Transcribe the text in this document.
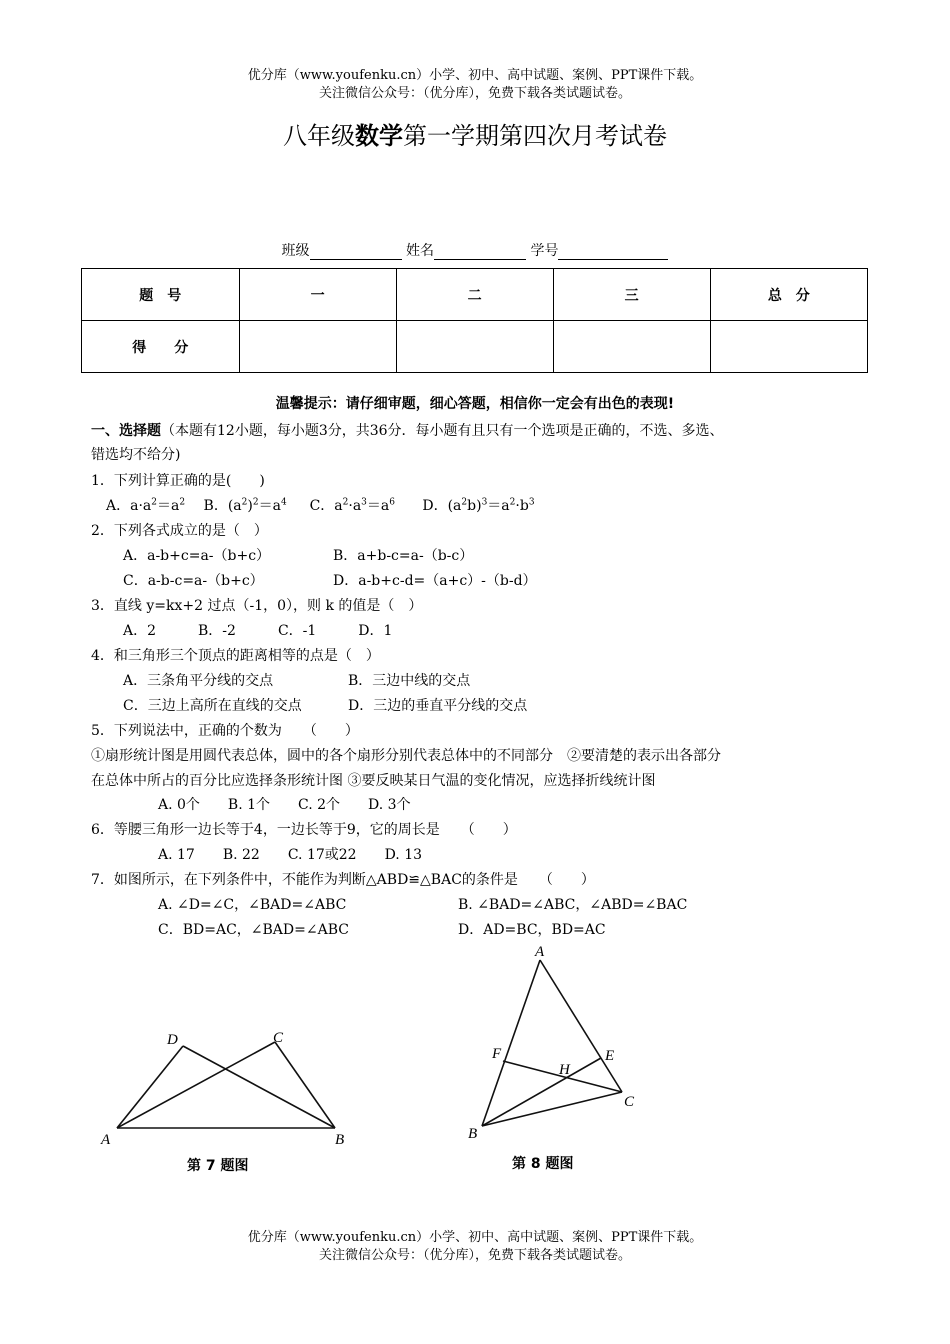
优分库（www.youfenku.cn）小学、初中、高中试题、案例、PPT课件下载。
关注微信公众号：（优分库），免费下载各类试题试卷。
八年级数学第一学期第四次月考试卷
班级	姓名	学号
题　号	一	二	三	总　分
得　　分				
温馨提示：请仔细审题，细心答题，相信你一定会有出色的表现!
一、选择题（本题有12小题，每小题3分，共36分．每小题有且只有一个选项是正确的，不选、多选、
错选均不给分)
1．下列计算正确的是(　　)
A．$a\cdot a^2=a^2$　 B．$(a^2)^2=a^4$　  C．$a^2\cdot a^3=a^6$　   D．$(a^2b)^3=a^2\cdot b^3$
2．下列各式成立的是（　）
A．a-b+c=a-（b+c）	B．a+b-c=a-（b-c）
C．a-b-c=a-（b+c）	D．a-b+c-d=（a+c）-（b-d）
3．直线 y=kx+2 过点（-1，0），则 k 的值是（　）
A．2　　　B．-2　　　C．-1　　　D．1
4．和三角形三个顶点的距离相等的点是（　）
A．三条角平分线的交点	B．三边中线的交点
C．三边上高所在直线的交点	D．三边的垂直平分线的交点
5．下列说法中，正确的个数为　　（　　）
①扇形统计图是用圆代表总体，圆中的各个扇形分别代表总体中的不同部分　②要清楚的表示出各部分
在总体中所占的百分比应选择条形统计图 ③要反映某日气温的变化情况，应选择折线统计图
A. 0个　　B. 1个　　C. 2个　　D. 3个
6．等腰三角形一边长等于4，一边长等于9，它的周长是　　（　　）
A. 17　　B. 22　　C. 17或22　　D. 13
7．如图所示，在下列条件中，不能作为判断△ABD≌△BAC的条件是　　（　　）
A. ∠D=∠C，∠BAD=∠ABC	B. ∠BAD=∠ABC，∠ABD=∠BAC
C．BD=AC，∠BAD=∠ABC	D．AD=BC，BD=AC
A	B
C
D
第 7 题图
A
B
C
E
F
H
第 8 题图
优分库（www.youfenku.cn）小学、初中、高中试题、案例、PPT课件下载。
关注微信公众号：（优分库），免费下载各类试题试卷。
